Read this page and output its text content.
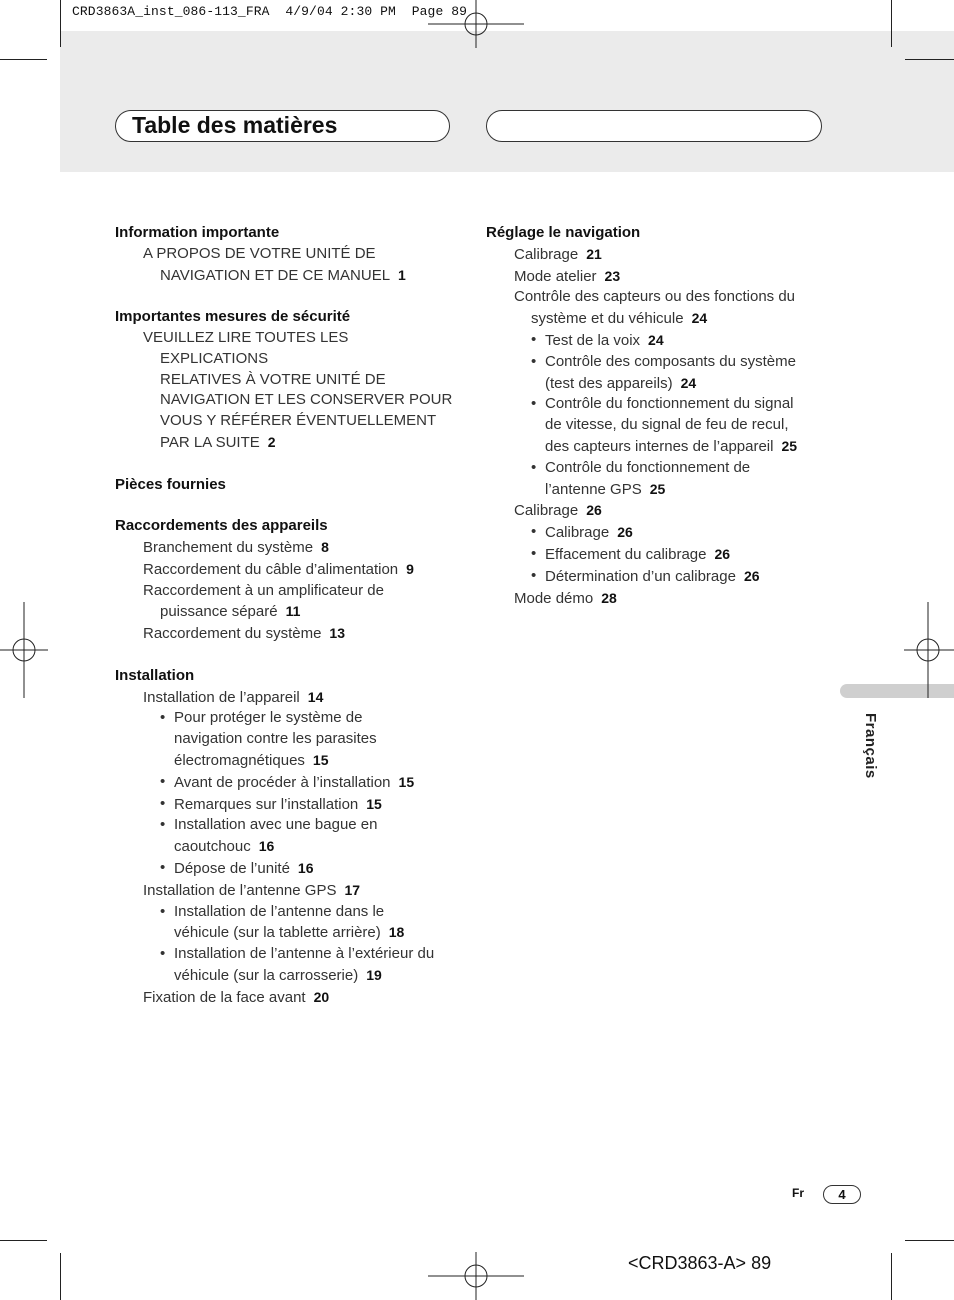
CRD3863A_inst_086-113_FRA  4/9/04 2:30 PM  Page 89
Table des matières
Information importante
A PROPOS DE VOTRE UNITÉ DE
NAVIGATION ET DE CE MANUEL 1
Importantes mesures de sécurité
VEUILLEZ LIRE TOUTES LES EXPLICATIONS
RELATIVES À VOTRE UNITÉ DE
NAVIGATION ET LES CONSERVER POUR
VOUS Y RÉFÉRER ÉVENTUELLEMENT
PAR LA SUITE 2
Pièces fournies
Raccordements des appareils
Branchement du système 8
Raccordement du câble d’alimentation 9
Raccordement à un amplificateur de
puissance séparé 11
Raccordement du système 13
Installation
Installation de l’appareil 14
• Pour protéger le système de
navigation contre les parasites
électromagnétiques 15
• Avant de procéder à l’installation 15
• Remarques sur l’installation 15
• Installation avec une bague en
caoutchouc 16
• Dépose de l’unité 16
Installation de l’antenne GPS 17
• Installation de l’antenne dans le
véhicule (sur la tablette arrière) 18
• Installation de l’antenne à l’extérieur du
véhicule (sur la carrosserie) 19
Fixation de la face avant 20
Réglage le navigation
Calibrage 21
Mode atelier 23
Contrôle des capteurs ou des fonctions du
système et du véhicule 24
• Test de la voix 24
• Contrôle des composants du système
(test des appareils) 24
• Contrôle du fonctionnement du signal
de vitesse, du signal de feu de recul,
des capteurs internes de l’appareil 25
• Contrôle du fonctionnement de
l’antenne GPS 25
Calibrage 26
• Calibrage 26
• Effacement du calibrage 26
• Détermination d’un calibrage 26
Mode démo 28
Français
Fr	4
<CRD3863-A> 89
